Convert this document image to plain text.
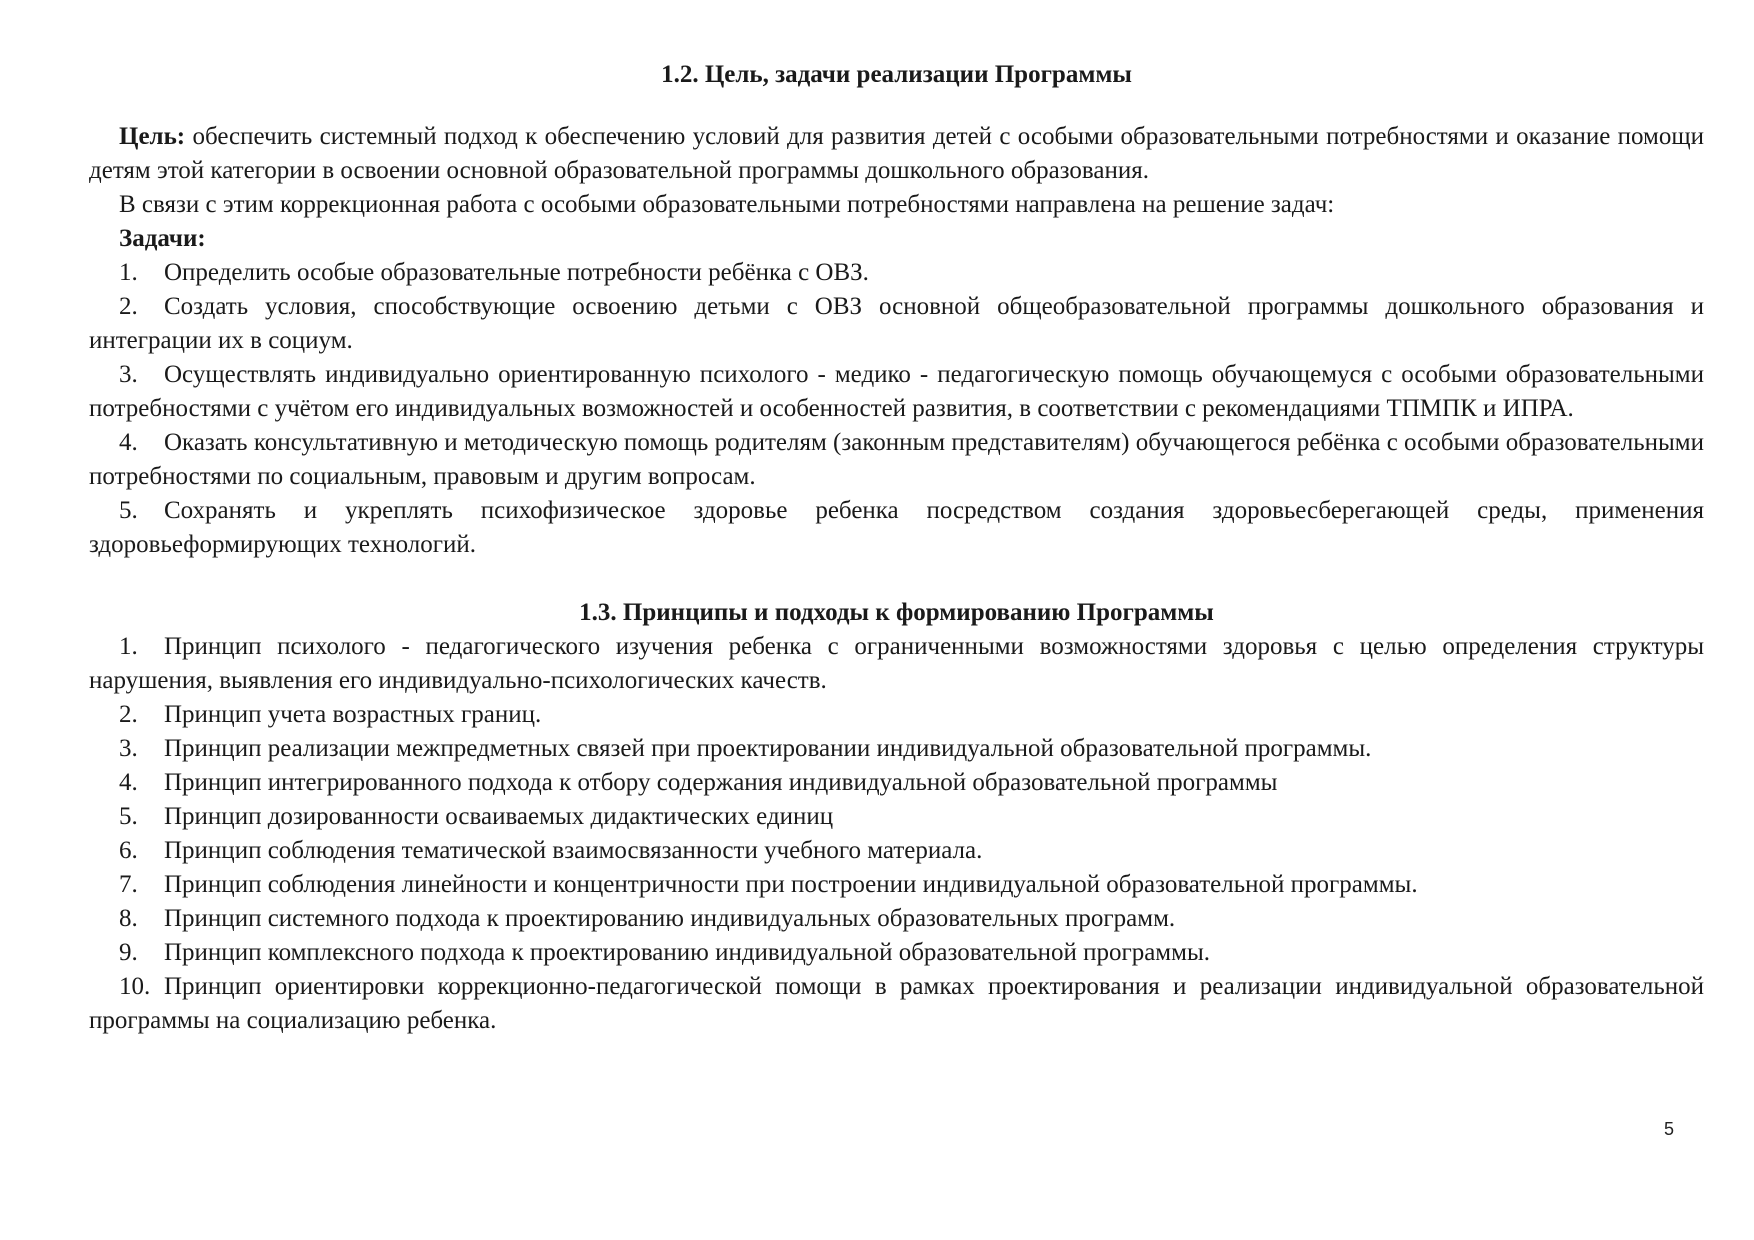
1.2. Цель, задачи реализации Программы

Цель: обеспечить системный подход к обеспечению условий для развития детей с особыми образовательными потребностями и оказание помощи детям этой категории в освоении основной образовательной программы дошкольного образования.

В связи с этим коррекционная работа с особыми образовательными потребностями направлена на решение задач:

Задачи:

1. Определить особые образовательные потребности ребёнка с ОВЗ.

2. Создать условия, способствующие освоению детьми с ОВЗ основной общеобразовательной программы дошкольного образования и интеграции их в социум.

3. Осуществлять индивидуально ориентированную психолого - медико - педагогическую помощь обучающемуся с особыми образовательными потребностями с учётом его индивидуальных возможностей и особенностей развития, в соответствии с рекомендациями ТПМПК и ИПРА.

4. Оказать консультативную и методическую помощь родителям (законным представителям) обучающегося ребёнка с особыми образовательными потребностями по социальным, правовым и другим вопросам.

5. Сохранять и укреплять психофизическое здоровье ребенка посредством создания здоровьесберегающей среды, применения здоровьеформирующих технологий.

1.3. Принципы и подходы к формированию Программы

1. Принцип психолого - педагогического изучения ребенка с ограниченными возможностями здоровья с целью определения структуры нарушения, выявления его индивидуально-психологических качеств.

2. Принцип учета возрастных границ.

3. Принцип реализации межпредметных связей при проектировании индивидуальной образовательной программы.

4. Принцип интегрированного подхода к отбору содержания индивидуальной образовательной программы

5. Принцип дозированности осваиваемых дидактических единиц

6. Принцип соблюдения тематической взаимосвязанности учебного материала.

7. Принцип соблюдения линейности и концентричности при построении индивидуальной образовательной программы.

8. Принцип системного подхода к проектированию индивидуальных образовательных программ.

9. Принцип комплексного подхода к проектированию индивидуальной образовательной программы.

10. Принцип ориентировки коррекционно-педагогической помощи в рамках проектирования и реализации индивидуальной образовательной программы на социализацию ребенка.

5
